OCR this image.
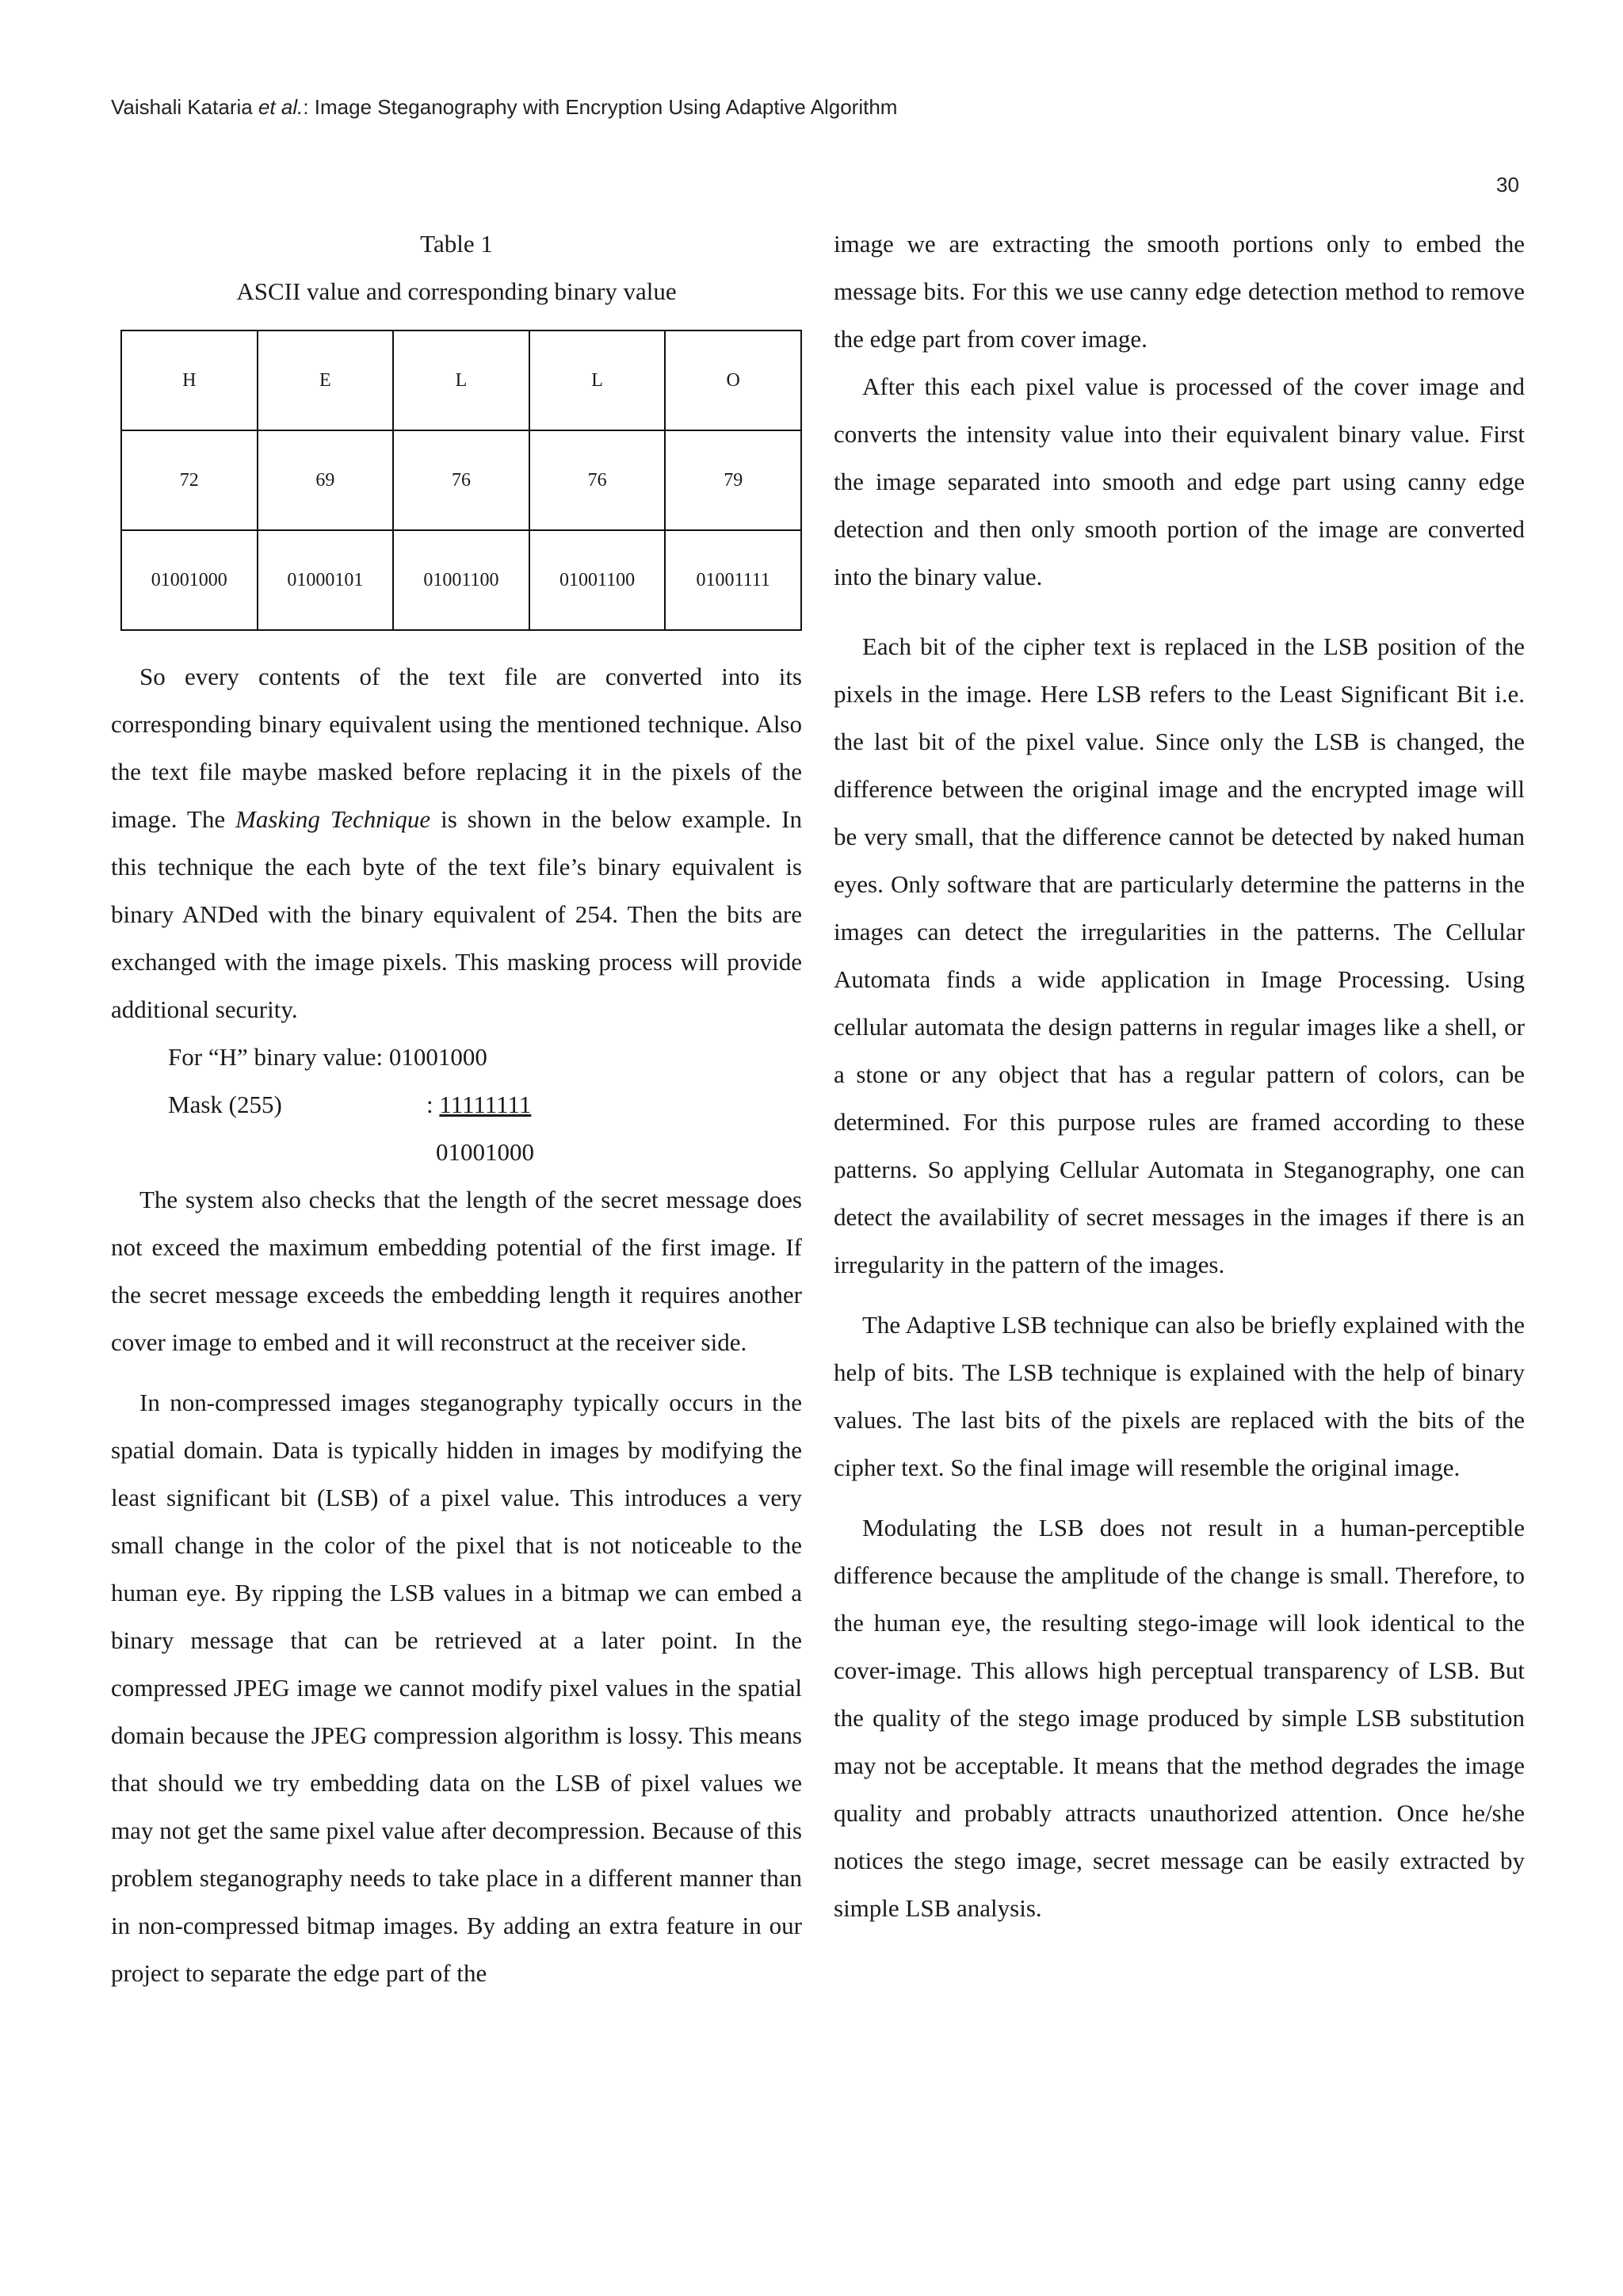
Vaishali Kataria et al.: Image Steganography with Encryption Using Adaptive Algorithm
30
Table 1
ASCII value and corresponding binary value
H	E	L	L	O
72	69	76	76	79
01001000	01000101	01001100	01001100	01001111

So every contents of the text file are converted into its corresponding binary equivalent using the mentioned technique. Also the text file maybe masked before replacing it in the pixels of the image. The Masking Technique is shown in the below example. In this technique the each byte of the text file’s binary equivalent is binary ANDed with the binary equivalent of 254. Then the bits are exchanged with the image pixels. This masking process will provide additional security.

For “H” binary value: 01001000

Mask (255)	: 11111111

01001000

The system also checks that the length of the secret message does not exceed the maximum embedding potential of the first image. If the secret message exceeds the embedding length it requires another cover image to embed and it will reconstruct at the receiver side.

In non-compressed images steganography typically occurs in the spatial domain. Data is typically hidden in images by modifying the least significant bit (LSB) of a pixel value. This introduces a very small change in the color of the pixel that is not noticeable to the human eye. By ripping the LSB values in a bitmap we can embed a binary message that can be retrieved at a later point. In the compressed JPEG image we cannot modify pixel values in the spatial domain because the JPEG compression algorithm is lossy. This means that should we try embedding data on the LSB of pixel values we may not get the same pixel value after decompression. Because of this problem steganography needs to take place in a different manner than in non-compressed bitmap images. By adding an extra feature in our project to separate the edge part of the

image we are extracting the smooth portions only to embed the message bits. For this we use canny edge detection method to remove the edge part from cover image.

After this each pixel value is processed of the cover image and converts the intensity value into their equivalent binary value. First the image separated into smooth and edge part using canny edge detection and then only smooth portion of the image are converted into the binary value.

Each bit of the cipher text is replaced in the LSB position of the pixels in the image. Here LSB refers to the Least Significant Bit i.e. the last bit of the pixel value. Since only the LSB is changed, the difference between the original image and the encrypted image will be very small, that the difference cannot be detected by naked human eyes. Only software that are particularly determine the patterns in the images can detect the irregularities in the patterns. The Cellular Automata finds a wide application in Image Processing. Using cellular automata the design patterns in regular images like a shell, or a stone or any object that has a regular pattern of colors, can be determined. For this purpose rules are framed according to these patterns. So applying Cellular Automata in Steganography, one can detect the availability of secret messages in the images if there is an irregularity in the pattern of the images.

The Adaptive LSB technique can also be briefly explained with the help of bits. The LSB technique is explained with the help of binary values. The last bits of the pixels are replaced with the bits of the cipher text. So the final image will resemble the original image.

Modulating the LSB does not result in a human-perceptible difference because the amplitude of the change is small. Therefore, to the human eye, the resulting stego-image will look identical to the cover-image. This allows high perceptual transparency of LSB. But the quality of the stego image produced by simple LSB substitution may not be acceptable. It means that the method degrades the image quality and probably attracts unauthorized attention. Once he/she notices the stego image, secret message can be easily extracted by simple LSB analysis.
